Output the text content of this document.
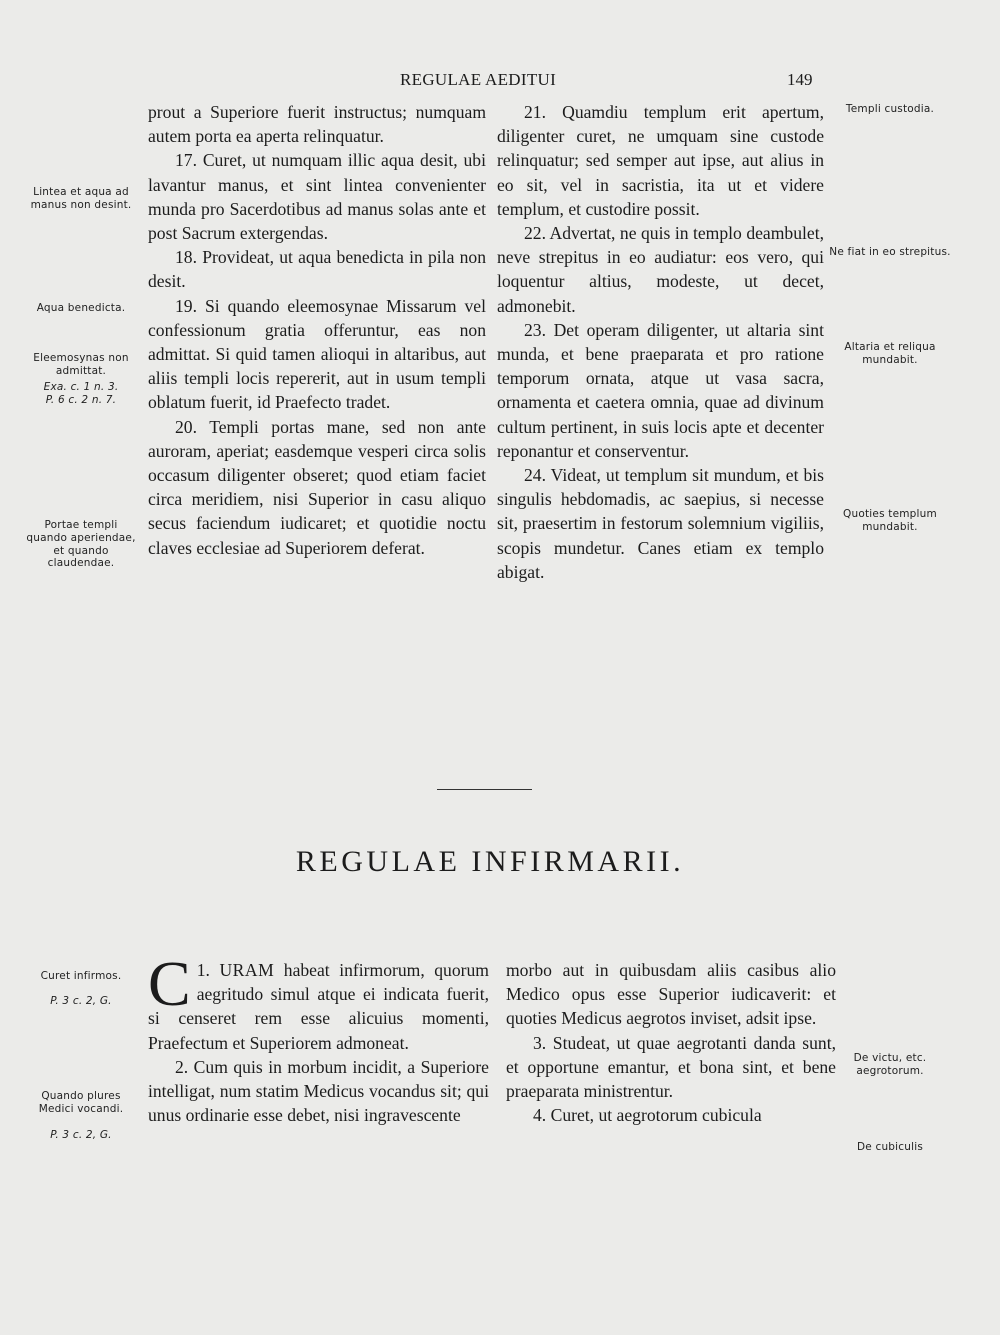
REGULAE AEDITUI	149

prout a Superiore fuerit instructus; numquam autem porta ea aperta relinquatur.

17. Curet, ut numquam illic aqua desit, ubi lavantur manus, et sint lintea convenienter munda pro Sacerdotibus ad manus solas ante et post Sacrum extergendas.

18. Provideat, ut aqua benedicta in pila non desit.

19. Si quando eleemosynae Missarum vel confessionum gratia offeruntur, eas non admittat. Si quid tamen alioqui in altaribus, aut aliis templi locis repererit, aut in usum templi oblatum fuerit, id Praefecto tradet.

20. Templi portas mane, sed non ante auroram, aperiat; easdemque vesperi circa solis occasum diligenter obseret; quod etiam faciet circa meridiem, nisi Superior in casu aliquo secus faciendum iudicaret; et quotidie noctu claves ecclesiae ad Superiorem deferat.

21. Quamdiu templum erit apertum, diligenter curet, ne umquam sine custode relinquatur; sed semper aut ipse, aut alius in eo sit, vel in sacristia, ita ut et videre templum, et custodire possit.

22. Advertat, ne quis in templo deambulet, neve strepitus in eo audiatur: eos vero, qui loquentur altius, modeste, ut decet, admonebit.

23. Det operam diligenter, ut altaria sint munda, et bene praeparata et pro ratione temporum ornata, atque ut vasa sacra, ornamenta et caetera omnia, quae ad divinum cultum pertinent, in suis locis apte et decenter reponantur et conserventur.

24. Videat, ut templum sit mundum, et bis singulis hebdomadis, ac saepius, si necesse sit, praesertim in festorum solemnium vigiliis, scopis mundetur. Canes etiam ex templo abigat.

Lintea et aqua ad manus non desint.
Aqua benedicta.
Eleemosynas non admittat.
Exa. c. 1 n. 3.
P. 6 c. 2 n. 7.
Portae templi quando aperiendae, et quando claudendae.
Curet infirmos.
P. 3 c. 2, G.
Quando plures Medici vocandi.
P. 3 c. 2, G.
Templi custodia.
Ne fiat in eo strepitus.
Altaria et reliqua mundabit.
Quoties templum mundabit.
De victu, etc. aegrotorum.
De cubiculis
REGULAE INFIRMARII.

1.
C URAM habeat infirmorum, quorum aegritudo simul atque ei indicata fuerit, si censeret rem esse alicuius momenti, Praefectum et Superiorem admoneat.

2. Cum quis in morbum incidit, a Superiore intelligat, num statim Medicus vocandus sit; qui unus ordinarie esse debet, nisi ingravescente

morbo aut in quibusdam aliis casibus alio Medico opus esse Superior iudicaverit: et quoties Medicus aegrotos inviset, adsit ipse.

3. Studeat, ut quae aegrotanti danda sunt, et opportune emantur, et bona sint, et bene praeparata ministrentur.

4. Curet, ut aegrotorum cubicula
